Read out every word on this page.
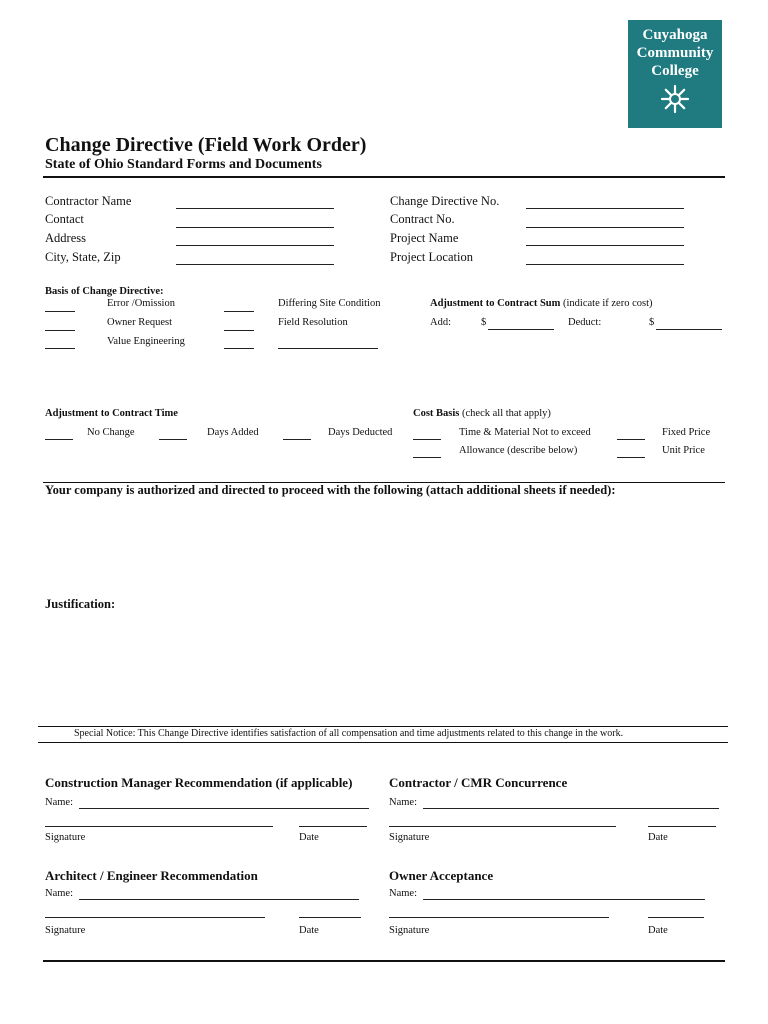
Cuyahoga
Community
College
Change Directive (Field Work Order)
State of Ohio Standard Forms and Documents
Contractor Name
Contact
Address
City, State, Zip
Change Directive No.
Contract No.
Project Name
Project Location
Basis of Change Directive:
Error /Omission
Owner Request
Value Engineering
Differing Site Condition
Field Resolution
Adjustment to Contract Sum (indicate if zero cost)
Add:	$	Deduct:	$
Adjustment to Contract Time
No Change	Days Added	Days Deducted
Cost Basis (check all that apply)
Time & Material Not to exceed	Fixed Price
Allowance (describe below)	Unit Price
Your company is authorized and directed to proceed with the following (attach additional sheets if needed):
Justification:
Special Notice: This Change Directive identifies satisfaction of all compensation and time adjustments related to this change in the work.
Construction Manager Recommendation (if applicable)
Name:
Signature	Date
Contractor / CMR Concurrence
Name:
Signature	Date
Architect / Engineer Recommendation
Name:
Signature	Date
Owner Acceptance
Name:
Signature	Date
